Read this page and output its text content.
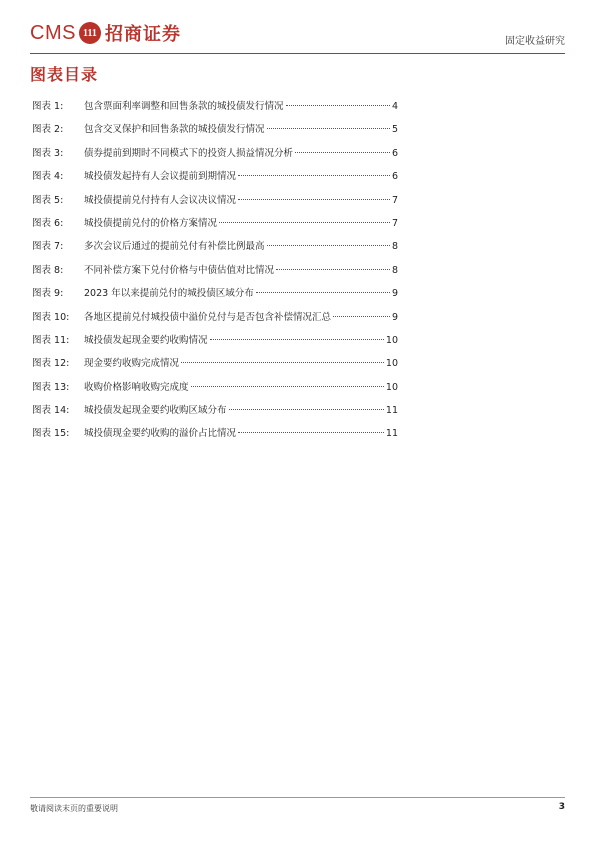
CMS 111 招商证券	固定收益研究
图表目录
图表 1:	包含票面利率调整和回售条款的城投债发行情况	4
图表 2:	包含交叉保护和回售条款的城投债发行情况	5
图表 3:	债券提前到期时不同模式下的投资人损益情况分析	6
图表 4:	城投债发起持有人会议提前到期情况	6
图表 5:	城投债提前兑付持有人会议决议情况	7
图表 6:	城投债提前兑付的价格方案情况	7
图表 7:	多次会议后通过的提前兑付有补偿比例最高	8
图表 8:	不同补偿方案下兑付价格与中债估值对比情况	8
图表 9:	2023 年以来提前兑付的城投债区域分布	9
图表 10:	各地区提前兑付城投债中溢价兑付与是否包含补偿情况汇总	9
图表 11:	城投债发起现金要约收购情况	10
图表 12:	现金要约收购完成情况	10
图表 13:	收购价格影响收购完成度	10
图表 14:	城投债发起现金要约收购区域分布	11
图表 15:	城投债现金要约收购的溢价占比情况	11
敬请阅读末页的重要说明	3
